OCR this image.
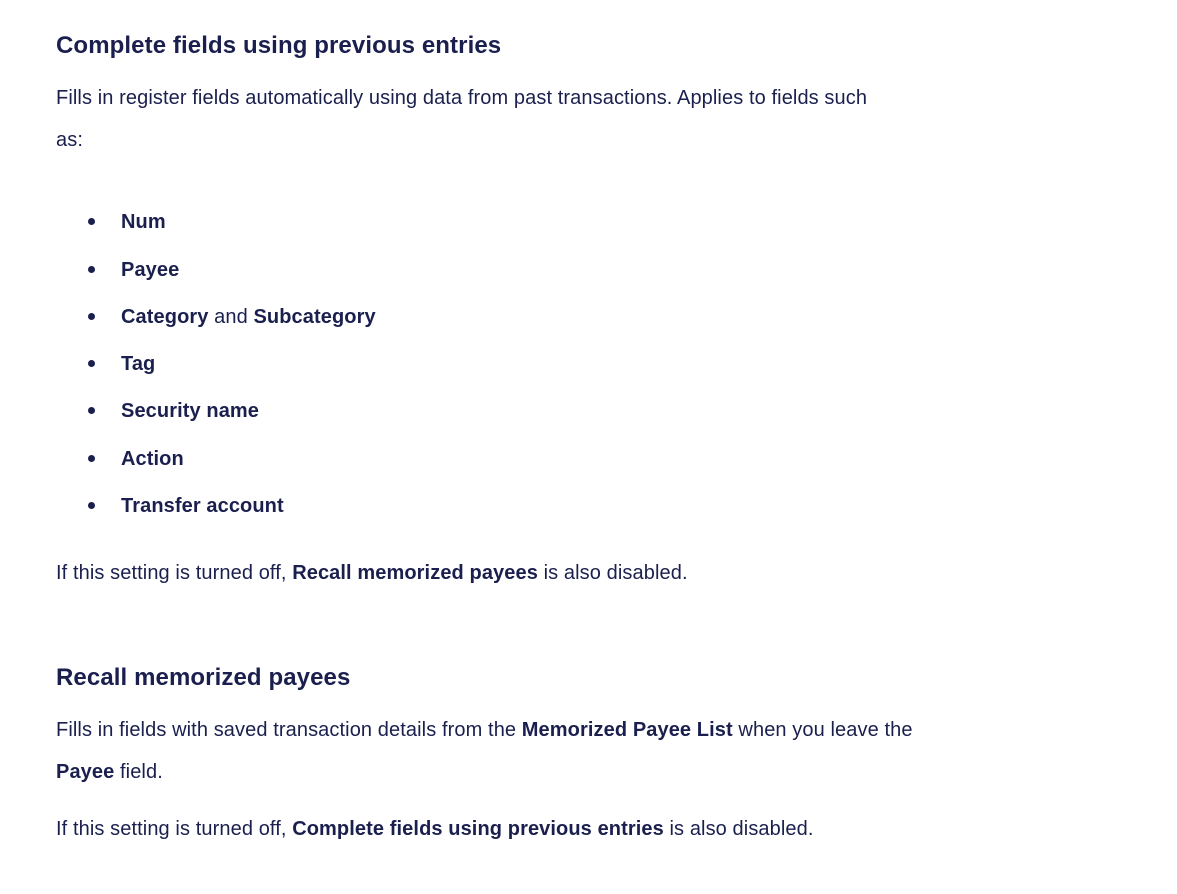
Complete fields using previous entries
Fills in register fields automatically using data from past transactions. Applies to fields such
as:
Num
Payee
Category and Subcategory
Tag
Security name
Action
Transfer account
If this setting is turned off, Recall memorized payees is also disabled.
Recall memorized payees
Fills in fields with saved transaction details from the Memorized Payee List when you leave the
Payee field.
If this setting is turned off, Complete fields using previous entries is also disabled.
